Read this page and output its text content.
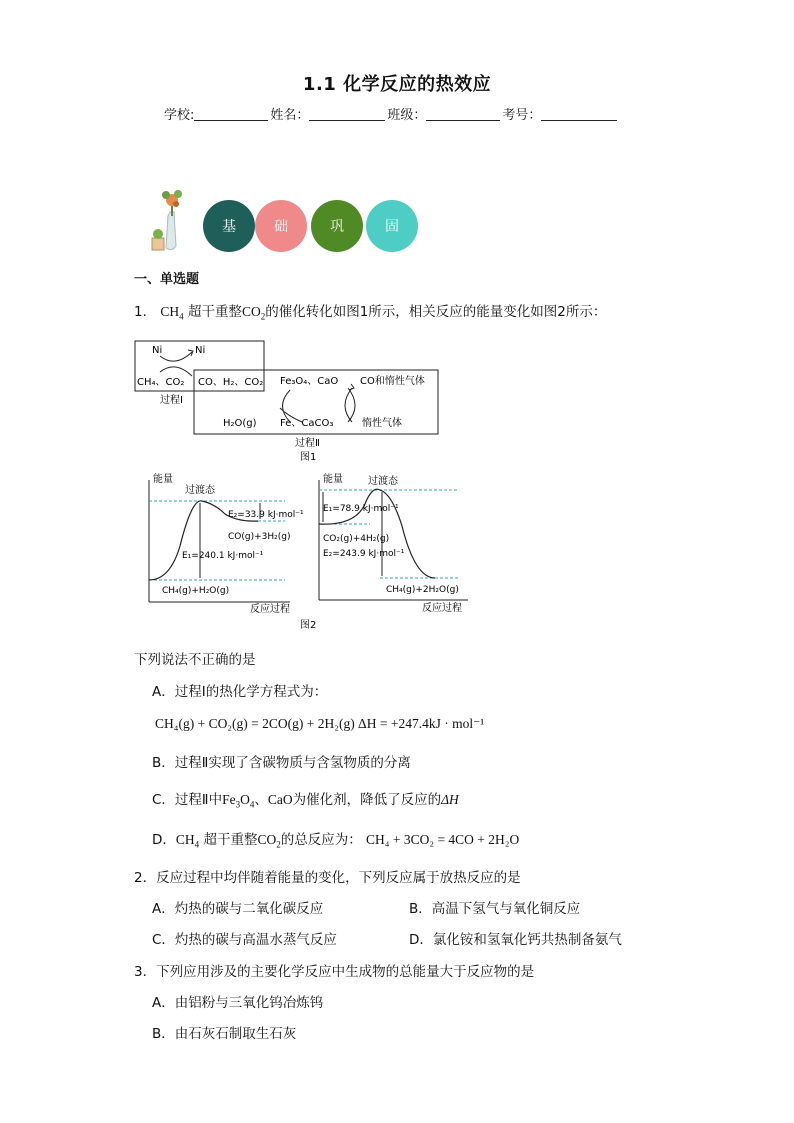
1.1 化学反应的热效应
学校:	姓名：	班级：	考号：
基	础	巩	固
一、单选题
1． $CH_4$ 超干重整$CO_2$的催化转化如图1所示，相关反应的能量变化如图2所示：
Ni	Ni
CH₄、CO₂ CO、H₂、CO₂ Fe₃O₄、CaO CO和惰性气体
H₂O(g) Fe、CaCO₃	惰性气体
过程Ⅰ
过程Ⅱ
图1
能量
过渡态
E₂=33.9 kJ·mol⁻¹
CO(g)+3H₂(g)
E₁=240.1 kJ·mol⁻¹
CH₄(g)+H₂O(g)
反应过程
能量	过渡态
E₁=78.9 kJ·mol⁻¹
CO₂(g)+4H₂(g)
E₂=243.9 kJ·mol⁻¹
CH₄(g)+2H₂O(g)
反应过程
图2
下列说法不正确的是
A．过程Ⅰ的热化学方程式为：
CH₄(g) + CO₂(g) = 2CO(g) + 2H₂(g) ΔH = +247.4kJ · mol⁻¹
B．过程Ⅱ实现了含碳物质与含氢物质的分离
C．过程Ⅱ中$Fe_3O_4$、CaO为催化剂，降低了反应的ΔH
D．$CH_4$ 超干重整$CO_2$的总反应为： CH₄ + 3CO₂ = 4CO + 2H₂O
2．反应过程中均伴随着能量的变化，下列反应属于放热反应的是
A．灼热的碳与二氧化碳反应	B．高温下氢气与氧化铜反应
C．灼热的碳与高温水蒸气反应	D．氯化铵和氢氧化钙共热制备氨气
3．下列应用涉及的主要化学反应中生成物的总能量大于反应物的是
A．由铝粉与三氧化钨冶炼钨
B．由石灰石制取生石灰
